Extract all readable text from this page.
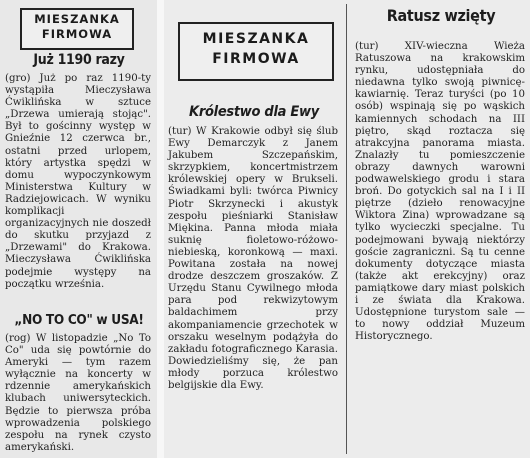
MIESZANKA FIRMOWA
Już 1190 razy

(gro) Już po raz 1190-ty wystąpiła Mieczysława Ćwiklińska w sztuce „Drzewa umierają stojąc". Był to gościnny występ w Gnieźnie 12 czerwca br., ostatni przed urlopem, który artystka spędzi w domu wypoczynkowym Ministerstwa Kultury w Radziejowicach. W wyniku komplikacji organizacyjnych nie doszedł do skutku przyjazd z „Drzewami" do Krakowa. Mieczysława Ćwiklińska podejmie występy na początku września.

„NO TO CO" w USA!

(rog) W listopadzie „No To Co" uda się powtórnie do Ameryki — tym razem wyłącznie na koncerty w rdzennie amerykańskich klubach uniwersyteckich. Będzie to pierwsza próba wprowadzenia polskiego zespołu na rynek czysto amerykański.

MIESZANKA FIRMOWA
Królestwo dla Ewy

(tur) W Krakowie odbył się ślub Ewy Demarczyk z Janem Jakubem Szczepańskim, skrzypkiem, koncertmistrzem królewskiej opery w Brukseli. Świadkami byli: twórca Piwnicy Piotr Skrzynecki i akustyk zespołu pieśniarki Stanisław Miękina. Panna młoda miała suknię fioletowo-różowo-niebieską, koronkową — maxi. Powitana została na nowej drodze deszczem groszaków. Z Urzędu Stanu Cywilnego młoda para pod rekwizytowym baldachimem przy akompaniamencie grzechotek w orszaku weselnym podążyła do zakładu fotograficznego Karasia. Dowiedzieliśmy się, że pan młody porzuca królestwo belgijskie dla Ewy.

Ratusz wzięty

(tur) XIV-wieczna Wieża Ratuszowa na krakowskim rynku, udostępniała do niedawna tylko swoją piwnicę-kawiarnię. Teraz turyści (po 10 osób) wspinają się po wąskich kamiennych schodach na III piętro, skąd roztacza się atrakcyjna panorama miasta. Znalazły tu pomieszczenie obrazy dawnych warowni podwawelskiego grodu i stara broń. Do gotyckich sal na I i II piętrze (dzieło renowacyjne Wiktora Zina) wprowadzane są tylko wycieczki specjalne. Tu podejmowani bywają niektórzy goście zagraniczni. Są tu cenne dokumenty dotyczące miasta (także akt erekcyjny) oraz pamiątkowe dary miast polskich i ze świata dla Krakowa. Udostępnione turystom sale — to nowy oddział Muzeum Historycznego.
